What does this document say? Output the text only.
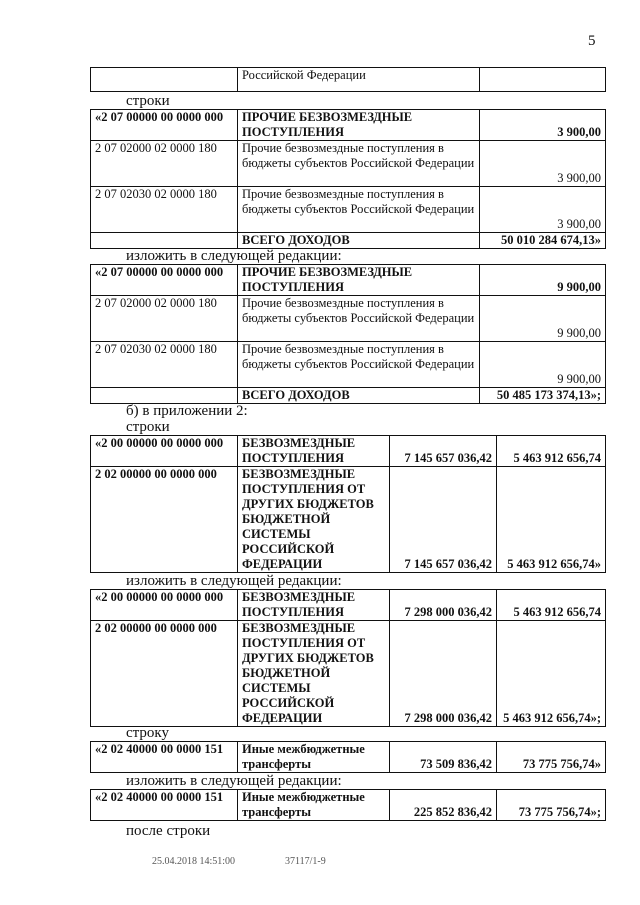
5
	Российской Федерации	
строки
«2 07 00000 00 0000 000	ПРОЧИЕ БЕЗВОЗМЕЗДНЫЕ ПОСТУПЛЕНИЯ	3 900,00
2 07 02000 02 0000 180	Прочие безвозмездные поступления в бюджеты субъектов Российской Федерации	3 900,00
2 07 02030 02 0000 180	Прочие безвозмездные поступления в бюджеты субъектов Российской Федерации	3 900,00
	ВСЕГО ДОХОДОВ	50 010 284 674,13»
изложить в следующей редакции:
«2 07 00000 00 0000 000	ПРОЧИЕ БЕЗВОЗМЕЗДНЫЕ ПОСТУПЛЕНИЯ	9 900,00
2 07 02000 02 0000 180	Прочие безвозмездные поступления в бюджеты субъектов Российской Федерации	9 900,00
2 07 02030 02 0000 180	Прочие безвозмездные поступления в бюджеты субъектов Российской Федерации	9 900,00
	ВСЕГО ДОХОДОВ	50 485 173 374,13»;
б) в приложении 2:
строки
«2 00 00000 00 0000 000	БЕЗВОЗМЕЗДНЫЕ ПОСТУПЛЕНИЯ	7 145 657 036,42	5 463 912 656,74
2 02 00000 00 0000 000	БЕЗВОЗМЕЗДНЫЕ ПОСТУПЛЕНИЯ ОТ ДРУГИХ БЮДЖЕТОВ БЮДЖЕТНОЙ СИСТЕМЫ РОССИЙСКОЙ ФЕДЕРАЦИИ	7 145 657 036,42	5 463 912 656,74»
изложить в следующей редакции:
«2 00 00000 00 0000 000	БЕЗВОЗМЕЗДНЫЕ ПОСТУПЛЕНИЯ	7 298 000 036,42	5 463 912 656,74
2 02 00000 00 0000 000	БЕЗВОЗМЕЗДНЫЕ ПОСТУПЛЕНИЯ ОТ ДРУГИХ БЮДЖЕТОВ БЮДЖЕТНОЙ СИСТЕМЫ РОССИЙСКОЙ ФЕДЕРАЦИИ	7 298 000 036,42	5 463 912 656,74»;
строку
«2 02 40000 00 0000 151	Иные межбюджетные трансферты	73 509 836,42	73 775 756,74»
изложить в следующей редакции:
«2 02 40000 00 0000 151	Иные межбюджетные трансферты	225 852 836,42	73 775 756,74»;
после строки
25.04.2018 14:51:00	37117/1-9
